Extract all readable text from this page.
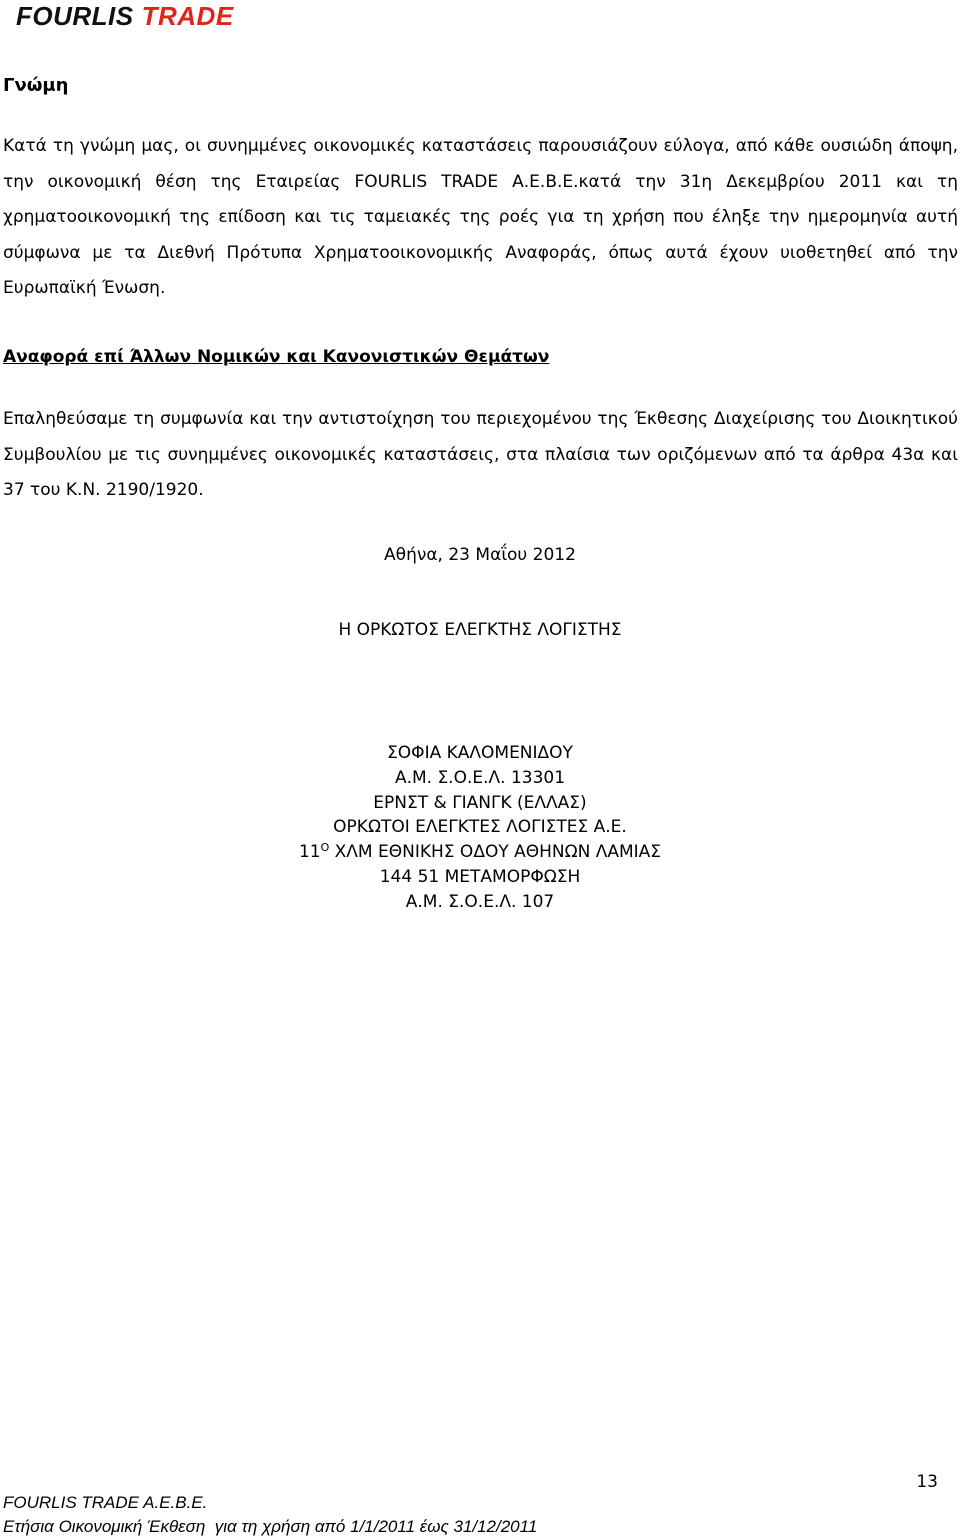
FOURLIS TRADE
Γνώμη

Κατά τη γνώμη μας, οι συνημμένες οικονομικές καταστάσεις παρουσιάζουν εύλογα, από κάθε ουσιώδη άποψη, την οικονομική θέση της Εταιρείας FOURLIS TRADE Α.Ε.Β.Ε.κατά την 31η Δεκεμβρίου 2011 και τη χρηματοοικονομική της επίδοση και τις ταμειακές της ροές για τη χρήση που έληξε την ημερομηνία αυτή σύμφωνα με τα Διεθνή Πρότυπα Χρηματοοικονομικής Αναφοράς, όπως αυτά έχουν υιοθετηθεί από την Ευρωπαϊκή Ένωση.

Αναφορά επί Άλλων Νομικών και Κανονιστικών Θεμάτων

Επαληθεύσαμε τη συμφωνία και την αντιστοίχηση του περιεχομένου της Έκθεσης Διαχείρισης του Διοικητικού Συμβουλίου με τις συνημμένες οικονομικές καταστάσεις, στα πλαίσια των οριζόμενων από τα άρθρα 43α και 37 του Κ.Ν. 2190/1920.

Αθήνα, 23 Μαΐου 2012
Η ΟΡΚΩΤΟΣ ΕΛΕΓΚΤΗΣ ΛΟΓΙΣΤΗΣ
ΣΟΦΙΑ ΚΑΛΟΜΕΝΙΔΟΥ
Α.Μ. Σ.Ο.Ε.Λ. 13301
ΕΡΝΣΤ & ΓΙΑΝΓΚ (ΕΛΛΑΣ)
ΟΡΚΩΤΟΙ ΕΛΕΓΚΤΕΣ ΛΟΓΙΣΤΕΣ Α.Ε.
$11^O$ ΧΛΜ ΕΘΝΙΚΗΣ ΟΔΟΥ ΑΘΗΝΩΝ ΛΑΜΙΑΣ
144 51 ΜΕΤΑΜΟΡΦΩΣΗ
Α.Μ. Σ.Ο.Ε.Λ. 107
13
FOURLIS TRADE A.E.B.E.
Ετήσια Οικονομική Έκθεση  για τη χρήση από 1/1/2011 έως 31/12/2011
